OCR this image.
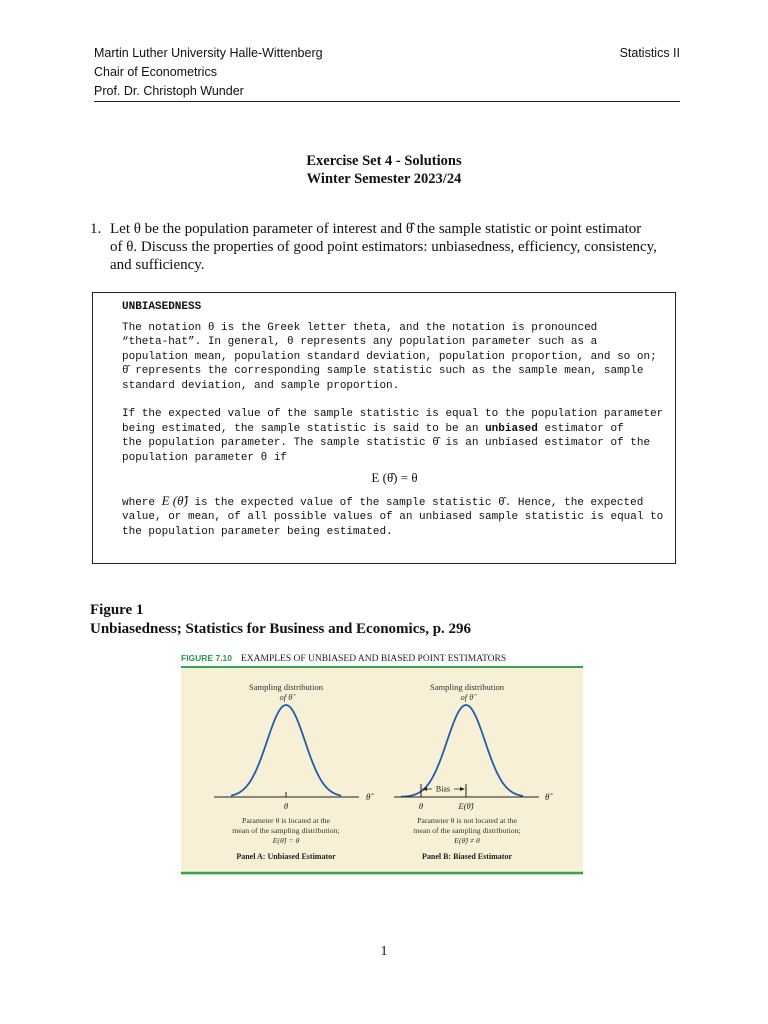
Martin Luther University Halle-Wittenberg
Chair of Econometrics
Prof. Dr. Christoph Wunder
Statistics II
Exercise Set 4 - Solutions
Winter Semester 2023/24
1. Let θ be the population parameter of interest and θ̂ the sample statistic or point estimator
of θ. Discuss the properties of good point estimators: unbiasedness, efficiency, consistency,
and sufficiency.

UNBIASEDNESS

The notation θ is the Greek letter theta, and the notation is pronounced

“theta-hat”. In general, θ represents any population parameter such as a

population mean, population standard deviation, population proportion, and so on;

θ̂ represents the corresponding sample statistic such as the sample mean, sample

standard deviation, and sample proportion.

If the expected value of the sample statistic is equal to the population parameter

being estimated, the sample statistic is said to be an unbiased estimator of

the population parameter. The sample statistic θ̂ is an unbiased estimator of the

population parameter θ if

E (θ̂) = θ

where E (θ̂) is the expected value of the sample statistic θ̂. Hence, the expected

value, or mean, of all possible values of an unbiased sample statistic is equal to

the population parameter being estimated.

Figure 1
Unbiasedness; Statistics for Business and Economics, p. 296
FIGURE 7.10 EXAMPLES OF UNBIASED AND BIASED POINT ESTIMATORS
Sampling distribution
of θ̂
θ̂
θ
Parameter θ is located at the
mean of the sampling distribution;
E(θ̂) = θ
Panel A: Unbiased Estimator
Sampling distribution
of θ̂
Bias
θ̂
θ	E(θ̂)
Parameter θ is not located at the
mean of the sampling distribution;
E(θ̂) ≠ θ
Panel B: Biased Estimator
1
